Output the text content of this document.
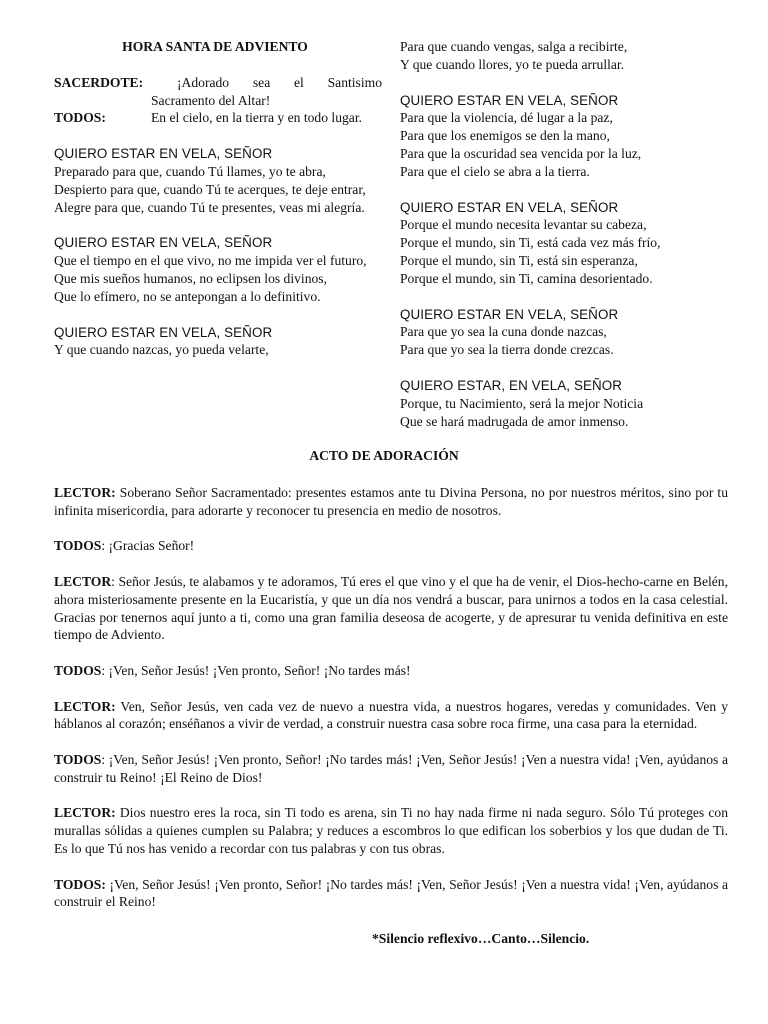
HORA SANTA DE ADVIENTO
SACERDOTE:	¡Adorado sea el Santisimo Sacramento del Altar!
TODOS:	En el cielo, en la tierra y en todo lugar.
QUIERO ESTAR EN VELA, SEÑOR
Preparado para que, cuando Tú llames, yo te abra,
Despierto para que, cuando Tú te acerques, te deje entrar,
Alegre para que, cuando Tú te presentes, veas mi alegría.
QUIERO ESTAR EN VELA, SEÑOR
Que el tiempo en el que vivo, no me impida ver el futuro,
Que mis sueños humanos, no eclipsen los divinos,
Que lo efímero, no se antepongan a lo definitivo.
QUIERO ESTAR EN VELA, SEÑOR
Y que cuando nazcas, yo pueda velarte,
Para que cuando vengas, salga a recibirte,
Y que cuando llores, yo te pueda arrullar.
QUIERO ESTAR EN VELA, SEÑOR
Para que la violencia, dé lugar a la paz,
Para que los enemigos se den la mano,
Para que la oscuridad sea vencida por la luz,
Para que el cielo se abra a la tierra.
QUIERO ESTAR EN VELA, SEÑOR
Porque el mundo necesita levantar su cabeza,
Porque el mundo, sin Ti, está cada vez más frío,
Porque el mundo, sin Ti, está sin esperanza,
Porque el mundo, sin Ti, camina desorientado.
QUIERO ESTAR EN VELA, SEÑOR
Para que yo sea la cuna donde nazcas,
Para que yo sea la tierra donde crezcas.
QUIERO ESTAR, EN VELA, SEÑOR
Porque, tu Nacimiento, será la mejor Noticia
Que se hará madrugada de amor inmenso.
ACTO DE ADORACIÓN

LECTOR: Soberano Señor Sacramentado: presentes estamos ante tu Divina Persona, no por nuestros méritos, sino por tu infinita misericordia, para adorarte y reconocer tu presencia en medio de nosotros.

TODOS: ¡Gracias Señor!

LECTOR: Señor Jesús, te alabamos y te adoramos, Tú eres el que vino y el que ha de venir, el Dios-hecho-carne en Belén, ahora misteriosamente presente en la Eucaristía, y que un día nos vendrá a buscar, para unirnos a todos en la casa celestial. Gracias por tenernos aquí junto a ti, como una gran familia deseosa de acogerte, y de apresurar tu venida definitiva en este tiempo de Adviento.

TODOS: ¡Ven, Señor Jesús! ¡Ven pronto, Señor! ¡No tardes más!

LECTOR: Ven, Señor Jesús, ven cada vez de nuevo a nuestra vida, a nuestros hogares, veredas y comunidades. Ven y háblanos al corazón; enséñanos a vivir de verdad, a construir nuestra casa sobre roca firme, una casa para la eternidad.

TODOS: ¡Ven, Señor Jesús! ¡Ven pronto, Señor! ¡No tardes más! ¡Ven, Señor Jesús! ¡Ven a nuestra vida! ¡Ven, ayúdanos a construir tu Reino! ¡El Reino de Dios!

LECTOR: Dios nuestro eres la roca, sin Ti todo es arena, sin Ti no hay nada firme ni nada seguro. Sólo Tú proteges con murallas sólidas a quienes cumplen su Palabra; y reduces a escombros lo que edifican los soberbios y los que dudan de Ti. Es lo que Tú nos has venido a recordar con tus palabras y con tus obras.

TODOS: ¡Ven, Señor Jesús! ¡Ven pronto, Señor! ¡No tardes más! ¡Ven, Señor Jesús! ¡Ven a nuestra vida! ¡Ven, ayúdanos a construir el Reino!

*Silencio reflexivo…Canto…Silencio.
